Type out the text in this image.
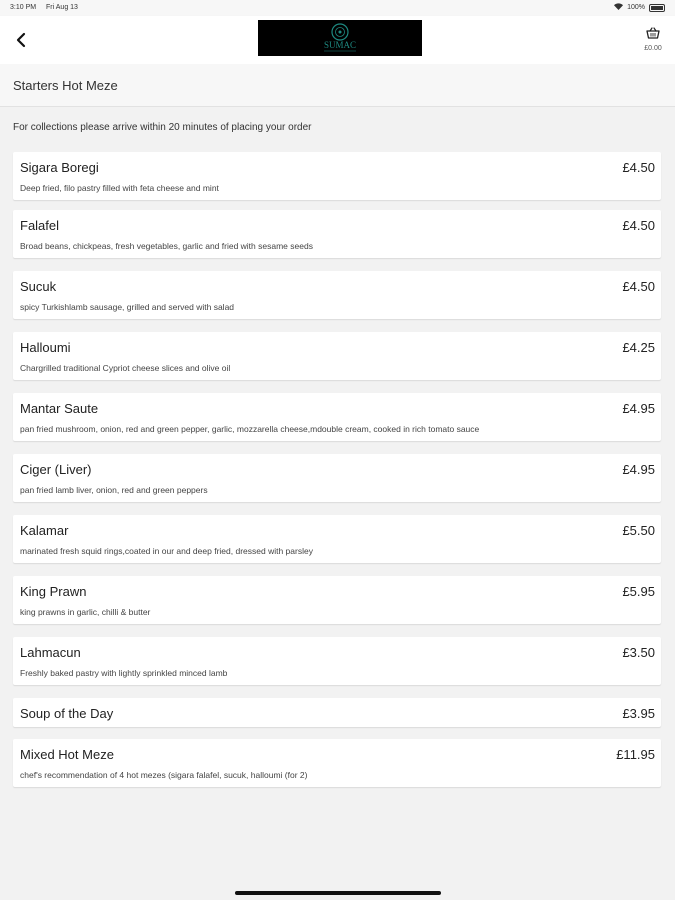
3:10 PM Fri Aug 13	100%
SUMAC	£0.00
Starters Hot Meze
For collections please arrive within 20 minutes of placing your order
Sigara Boregi
Deep fried, filo pastry filled with feta cheese and mint
£4.50
Falafel
Broad beans, chickpeas, fresh vegetables, garlic and fried with sesame seeds
£4.50
Sucuk
spicy Turkishlamb sausage, grilled and served with salad
£4.50
Halloumi
Chargrilled traditional Cypriot cheese slices and olive oil
£4.25
Mantar Saute
pan fried mushroom, onion, red and green pepper, garlic, mozzarella cheese,mdouble cream, cooked in rich tomato sauce
£4.95
Ciger (Liver)
pan fried lamb liver, onion, red and green peppers
£4.95
Kalamar
marinated fresh squid rings,coated in our and deep fried, dressed with parsley
£5.50
King Prawn
king prawns in garlic, chilli & butter
£5.95
Lahmacun
Freshly baked pastry with lightly sprinkled minced lamb
£3.50
Soup of the Day	£3.95
Mixed Hot Meze
chef's recommendation of 4 hot mezes (sigara falafel, sucuk, halloumi (for 2)
£11.95
